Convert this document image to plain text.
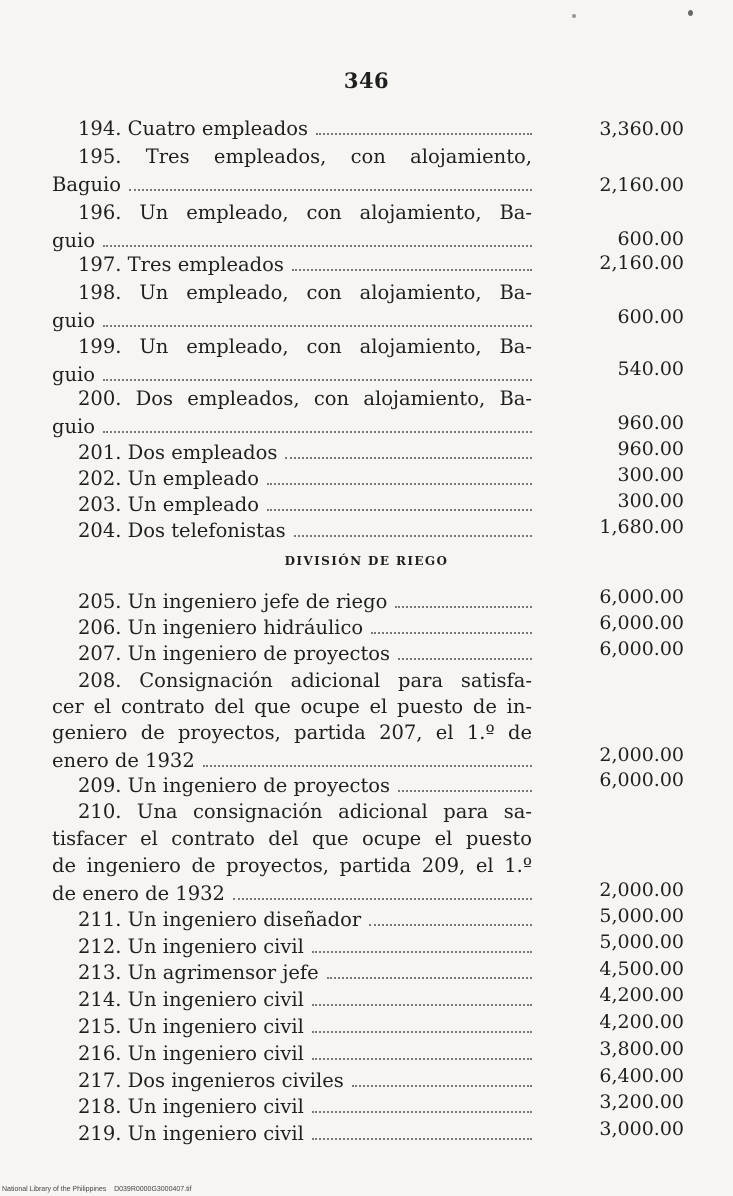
346
194. Cuatro empleados	3,360.00
195. Tres empleados, con alojamiento,
Baguio	2,160.00
196. Un empleado, con alojamiento, Ba-
guio	600.00
197. Tres empleados	2,160.00
198. Un empleado, con alojamiento, Ba-
guio	600.00
199. Un empleado, con alojamiento, Ba-
guio	540.00
200. Dos empleados, con alojamiento, Ba-
guio	960.00
201. Dos empleados	960.00
202. Un empleado	300.00
203. Un empleado	300.00
204. Dos telefonistas	1,680.00
DIVISIÓN DE RIEGO
205. Un ingeniero jefe de riego	6,000.00
206. Un ingeniero hidráulico	6,000.00
207. Un ingeniero de proyectos	6,000.00
208. Consignación adicional para satisfa-
cer el contrato del que ocupe el puesto de in-
geniero de proyectos, partida 207, el 1.º de
enero de 1932	2,000.00
209. Un ingeniero de proyectos	6,000.00
210. Una consignación adicional para sa-
tisfacer el contrato del que ocupe el puesto
de ingeniero de proyectos, partida 209, el 1.º
de enero de 1932	2,000.00
211. Un ingeniero diseñador	5,000.00
212. Un ingeniero civil	5,000.00
213. Un agrimensor jefe	4,500.00
214. Un ingeniero civil	4,200.00
215. Un ingeniero civil	4,200.00
216. Un ingeniero civil	3,800.00
217. Dos ingenieros civiles	6,400.00
218. Un ingeniero civil	3,200.00
219. Un ingeniero civil	3,000.00
National Library of the Philippines D039R0000G3000407.tif
